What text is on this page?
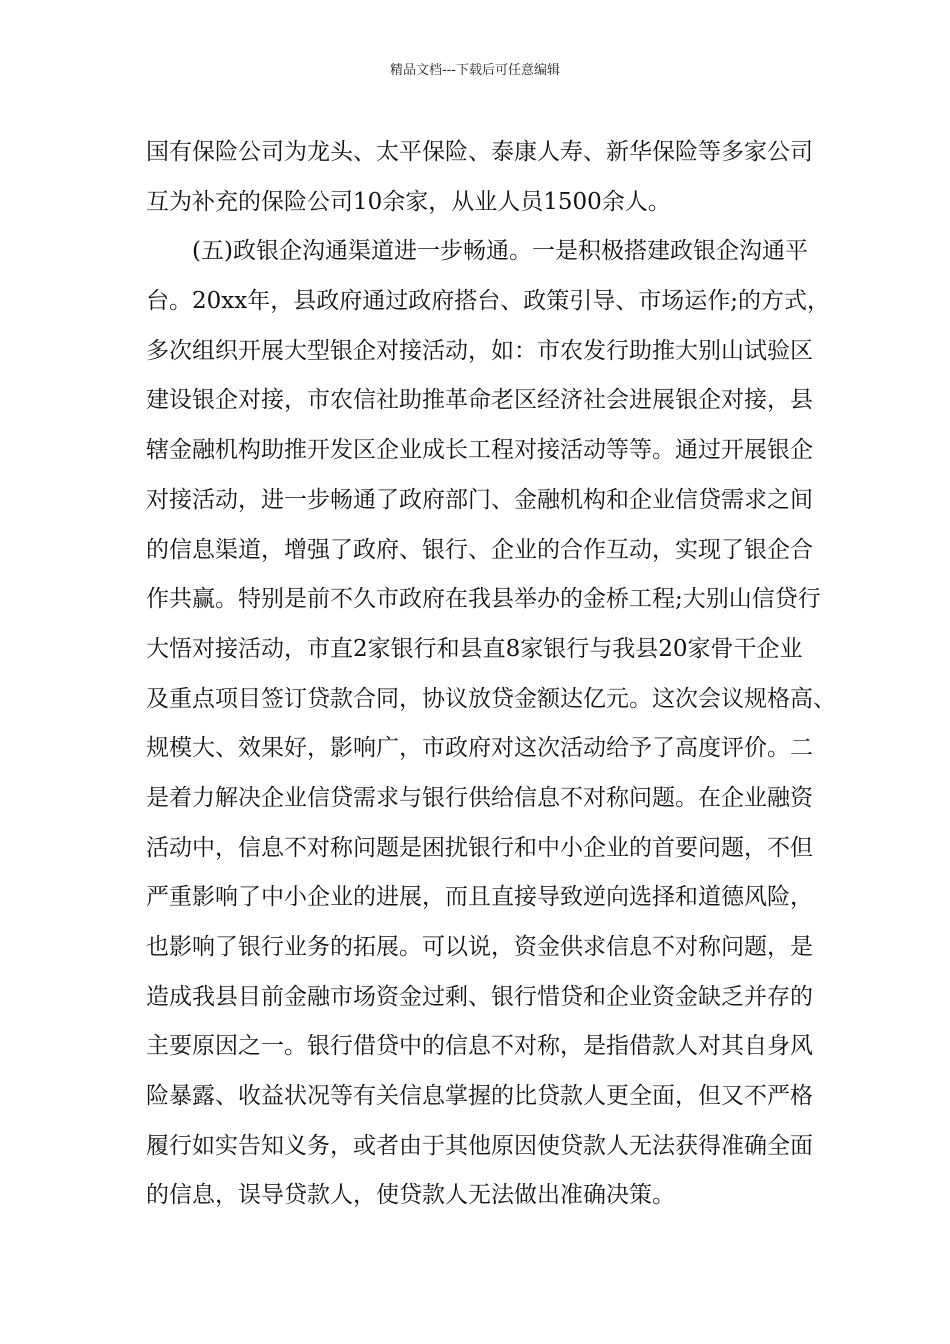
精品文档---下载后可任意编辑
国有保险公司为龙头、太平保险、泰康人寿、新华保险等多家公司
互为补充的保险公司10余家，从业人员1500余人。
　　(五)政银企沟通渠道进一步畅通。一是积极搭建政银企沟通平
台。20xx年，县政府通过政府搭台、政策引导、市场运作;的方式，
多次组织开展大型银企对接活动，如：市农发行助推大别山试验区
建设银企对接，市农信社助推革命老区经济社会进展银企对接，县
辖金融机构助推开发区企业成长工程对接活动等等。通过开展银企
对接活动，进一步畅通了政府部门、金融机构和企业信贷需求之间
的信息渠道，增强了政府、银行、企业的合作互动，实现了银企合
作共赢。特别是前不久市政府在我县举办的金桥工程;大别山信贷行
大悟对接活动，市直2家银行和县直8家银行与我县20家骨干企业
及重点项目签订贷款合同，协议放贷金额达亿元。这次会议规格高、
规模大、效果好，影响广，市政府对这次活动给予了高度评价。二
是着力解决企业信贷需求与银行供给信息不对称问题。在企业融资
活动中，信息不对称问题是困扰银行和中小企业的首要问题，不但
严重影响了中小企业的进展，而且直接导致逆向选择和道德风险，
也影响了银行业务的拓展。可以说，资金供求信息不对称问题，是
造成我县目前金融市场资金过剩、银行惜贷和企业资金缺乏并存的
主要原因之一。银行借贷中的信息不对称，是指借款人对其自身风
险暴露、收益状况等有关信息掌握的比贷款人更全面，但又不严格
履行如实告知义务，或者由于其他原因使贷款人无法获得准确全面
的信息，误导贷款人，使贷款人无法做出准确决策。
